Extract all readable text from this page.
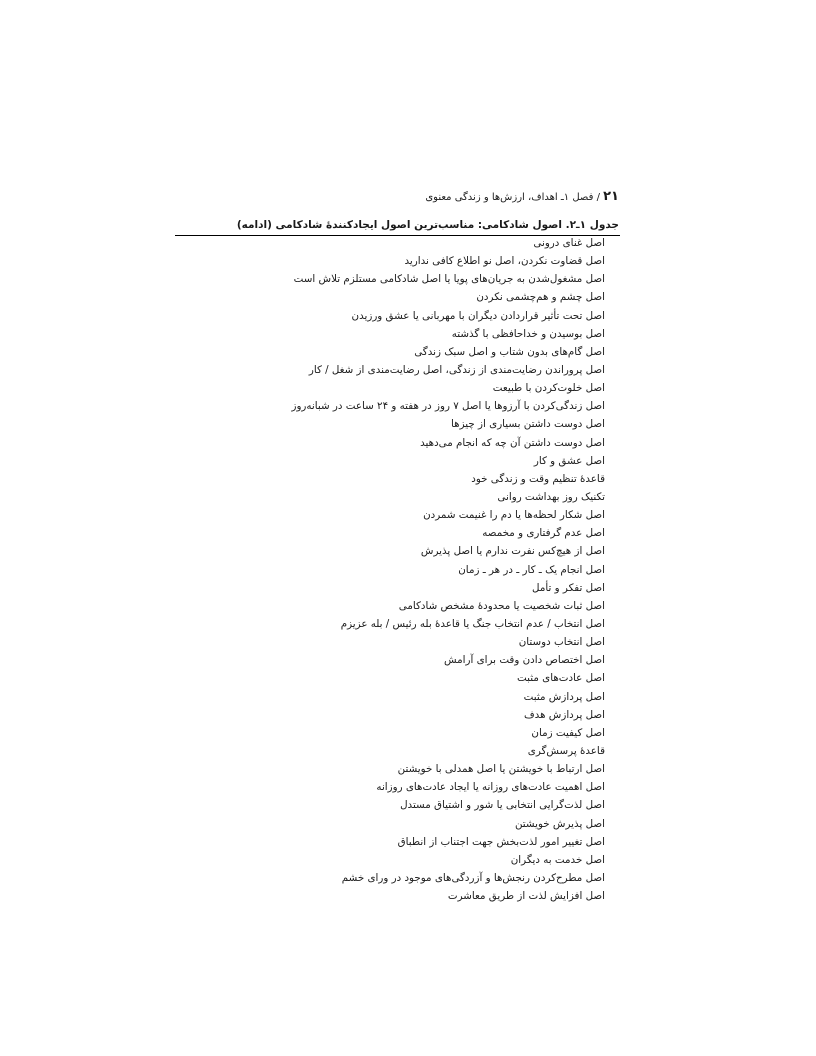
۲۱ / فصل ۱ـ اهداف، ارزش‌ها و زندگی معنوی
جدول ۱ـ۲. اصول شادکامی: مناسب‌ترین اصول ایجادکنندهٔ شادکامی (ادامه)
اصل غنای درونی
اصل قضاوت نکردن، اصل نو اطلاع کافی ندارید
اصل مشغول‌شدن به جریان‌های پویا یا اصل شادکامی مستلزم تلاش است
اصل چشم و هم‌چشمی نکردن
اصل تحت تأثیر قراردادن دیگران با مهربانی یا عشق ورزیدن
اصل بوسیدن و خداحافظی با گذشته
اصل گام‌های بدون شتاب و اصل سبک زندگی
اصل پروراندن رضایت‌مندی از زندگی، اصل رضایت‌مندی از شغل / کار
اصل خلوت‌کردن با طبیعت
اصل زندگی‌کردن با آرزوها یا اصل ۷ روز در هفته و ۲۴ ساعت در شبانه‌روز
اصل دوست داشتن بسیاری از چیزها
اصل دوست داشتن آن چه که انجام می‌دهید
اصل عشق و کار
قاعدهٔ تنظیم وقت و زندگی خود
تکنیک روز بهداشت روانی
اصل شکار لحظه‌ها یا دم را غنیمت شمردن
اصل عدم گرفتاری و مخمصه
اصل از هیچ‌کس نفرت ندارم یا اصل پذیرش
اصل انجام یک ـ کار ـ در هر ـ زمان
اصل تفکر و تأمل
اصل ثبات شخصیت یا محدودهٔ مشخص شادکامی
اصل انتخاب / عدم انتخاب جنگ یا قاعدهٔ بله رئیس / بله عزیزم
اصل انتخاب دوستان
اصل اختصاص دادن وقت برای آرامش
اصل عادت‌های مثبت
اصل پردازش مثبت
اصل پردازش هدف
اصل کیفیت زمان
قاعدهٔ پرسش‌گری
اصل ارتباط با خویشتن یا اصل همدلی با خویشتن
اصل اهمیت عادت‌های روزانه یا ایجاد عادت‌های روزانه
اصل لذت‌گرایی انتخابی یا شور و اشتیاق مستدل
اصل پذیرش خویشتن
اصل تغییر امور لذت‌بخش جهت اجتناب از انطباق
اصل خدمت به دیگران
اصل مطرح‌کردن رنجش‌ها و آزردگی‌های موجود در ورای خشم
اصل افزایش لذت از طریق معاشرت
